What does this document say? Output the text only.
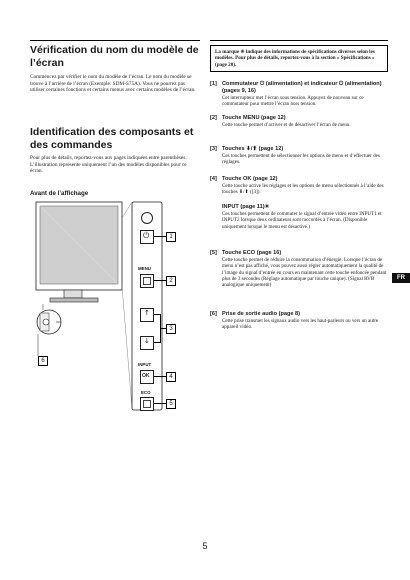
Vérification du nom du modèle de l’écran
Commencez par vérifier le nom du modèle de l’écran. Le nom du modèle se trouve à l’arrière de l’écran (Exemple: SDM-S75A). Vous ne pourrez pas utiliser certaines fonctions et certains menus avec certains modèles de l’écran.
Identification des composants et des commandes
Pour plus de détails, reportez-vous aux pages indiquées entre parenthèses. L’illustration représente uniquement l’un des modèles disponibles pour ce écran.
Avant de l’affichage
⏻
MENU
↑
↓
INPUT
OK
ECO
1
2
3
4
5
6
La marque ✳ indique des informations de spécifications diverses selon les modèles. Pour plus de détails, reportez-vous à la section « Spécifications » (page 20).
[1] Commutateur ⏻ (alimentation) et indicateur ⏻ (alimentation) (pages 9, 16)
Cet interrupteur met l’écran sous tension. Appuyez de nouveau sur ce commutateur pour mettre l’écran hors tension.
[2] Touche MENU (page 12)
Cette touche permet d’activer et de désactiver l’écran de menu.
[3] Touches ⬇/⬆ (page 12)
Ces touches permettent de sélectionner les options de menu et d’effectuer des réglages.
[4] Touche OK (page 12)
Cette touche active les réglages et les options de menu sélectionnés à l’aide des touches ⬇/⬆ ([3]).
INPUT (page 11)✳
Ces touches permettent de commuter le signal d’entrée vidéo entre INPUT1 et INPUT2 lorsque deux ordinateurs sont raccordés à l’écran. (Disponible uniquement lorsque le menu est désactivé.)
[5] Touche ECO (page 16)
Cette touche permet de réduire la consommation d’énergie. Lorsque l’écran de menu n’est pas affiché, vous pouvez aussi régler automatiquement la qualité de l’image du signal d’entrée en cours en maintenant cette touche enfoncée pendant plus de 3 secondes (Réglage automatique par touche unique). (Signal RVB analogique uniquement)
[6] Prise de sortie audio (page 8)
Cette prise transmet les signaux audio vers les haut-parleurs ou vers un autre appareil vidéo.
FR
5
